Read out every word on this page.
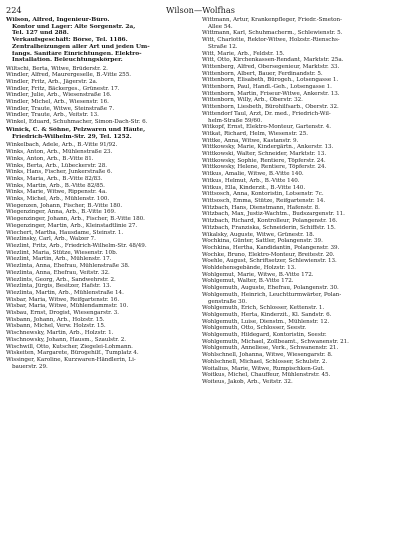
224	Wilson—Wolfhas
Wilson, Alfred, Ingenieur-Büro.
Kontor und Lager: Alte Sorgenstr. 2a,
Tel. 127 und 288.
Verkaufsgeschäft: Börse, Tel. 1186.
Zentralheizungen aller Art und jeden Um-
fangs. Sanitäre Einrichtungen. Elektro-
Installation. Beleuchtungskörper.
Wiltschi, Berta, Witwe, Brüderstr. 2.
Windler, Alfred, Maurergeselle, B.-Vitte 255.
Windler, Fritz, Arb., Jägerstr. 2a.
Windler, Fritz, Bäckerges., Grünestr. 17.
Windler, Julie, Arb., Wiesenstraße 16.
Windler, Michel, Arb., Wiesenstr. 16.
Windler, Traute, Witwe, Steinstraße 7.
Windler, Traute, Arb., Veitstr. 13.
Winkel, Eduard, Schuhmacher, Simon-Dach-Str. 6.
Winick, C. & Söhne, Pelzwaren und Häute,
Friedrich-Wilhelm-Str. 29, Tel. 1252.
Winkelbach, Adele, Arb., B.-Vitte 91/92.
Winks, Anton, Arb., Mühlenstraße 23.
Winks, Anton, Arb., B.-Vitte 81.
Winks, Berta, Arb., Lübeckerstr. 28.
Winks, Hans, Fischer, Junkerstraße 6.
Winks, Maria, Arb., B.-Vitte 82/83.
Winks, Martin, Arb., B.-Vitte 82/85.
Winks, Marie, Witwe, Rippenstr. 4a.
Winks, Michel, Arb., Mühlenstr. 100.
Wiegenzen, Johann, Fischer, B.-Vitte 180.
Wiegenzinger, Anna, Arb., B.-Vitte 169.
Wiegenzinger, Johann, Arb., Fischer, B.-Vitte 180.
Wiegenzinger, Martin, Arb., Kleinstadtlinie 27.
Wiechert, Martha, Hausdame, Steinstr. 1.
Wiezlinsky, Carl, Arb., Walzer 7.
Wiezlint, Fritz, Arb., Friedrich-Wilhelm-Str. 48/49.
Wiezlint, Maria, Stütze, Wiesenstr. 10b.
Wiezlint, Martin, Arb., Mühlenstr. 17.
Wiezlinta, Anna, Ehefrau, Mühlenstraße 38.
Wiezlinta, Anna, Ehefrau, Veitstr. 32.
Wiezlints, Georg, Arb., Sandwehrstr. 2.
Wiezlinta, Jürgis, Besitzer, Hafstr. 13.
Wiezlinta, Martin, Arb., Mühlenstraße 14.
Wisbar, Maria, Witwe, Reifgartenstr. 16.
Wisbar, Maria, Witwe, Mühlendammstr. 10.
Wisbau, Ernst, Drogist, Wiesengarstr. 3.
Wisbann, Johann, Arb., Holzstr. 15.
Wisbann, Michel, Verw. Holzstr. 15.
Wischnewsky, Martin, Arb., Holzstr. 1.
Wischnowsky, Johann, Hausm., Szaulstr. 2.
Wischwill, Otto, Kutscher, Ziegelei-Lohmann.
Wiskeiten, Margarete, Bürogehilf., Tumplatz 4.
Wissinger, Karoline, Kurzwaren-Händlerin, Li-
bauerstr. 29.
Wittmann, Artur, Krankenpfleger, Friedr.-Smeton-
Allee 54.
Wittmann, Karl, Schuhmacherm., Schlewienstr. 5.
Witt, Charlotte, Rektor-Witwe, Holzstr.-Rienschs-
Straße 12.
Witt, Marie, Arb., Feldstr. 15.
Witt, Otto, Kirchenkassen-Rendant, Marktstr. 25a.
Wittenberg, Alfred, Obersegenieur, Marktstr. 33.
Wittenborn, Albert, Bauer, Ferdinandstr. 5.
Wittenborn, Elisabeth, Bürogeh., Lotsengasse 1.
Wittenborn, Paul, Handl.-Geh., Lotsengasse 1.
Wittenborn, Martin, Friseur-Witwe, Ankerstr. 13.
Wittenborn, Willy, Arb., Oberstr. 32.
Wittenborn, Liesbeth, Bürohilfsarb., Oberstr. 32.
Wittendorf Taul, Arzt, Dr. med., Friedrich-Wil-
helm-Straße 59/60.
Witkopf, Ernst, Elektro-Monteur, Gartenstr. 4.
Witkat, Richard, Helm, Wiesenstr. 25.
Wittke, Anna, Witwe, Kastanstr. 9.
Wittkowsky, Marie, Kindergärtn., Ankerstr. 13.
Wittkowski, Walter, Schneider, Marktstr. 13.
Wittkowsky, Sophie, Rentiere, Töpferstr. 24.
Wittkowsky, Helene, Rentiere, Töpferstr. 24.
Witkus, Amalie, Witwe, B.-Vitte 140.
Witkus, Helmut, Arb., B.-Vitte 140.
Witkus, Ella, Kinderzit., B.-Vitte 140.
Wittsosch, Anna, Kontoristin, Lotsenstr. 7c.
Wittsosch, Emma, Stütze, Reifgartenstr. 14.
Witzbach, Hans, Dienstmann, Hafenstr. 8.
Witzbach, Max, Justiz-Wachtm., Budszargenstr. 11.
Witzbach, Richard, Kontrolleur, Polangenstr. 16.
Witzbach, Franziska, Schneiderin, Schiffstr. 15.
Wikalsky, Auguste, Witwe, Grünestr. 18.
Wochkina, Günter, Sattler, Polangenstr. 39.
Wochkina, Hertha, Kandidantin, Polangenstr. 39.
Wochke, Bruno, Elektro-Monteur, Breitestr. 20.
Woehle, August, Schriftsetzer, Schlewienstr. 13.
Wohldehensgebände, Holzstr. 13.
Wohlgemut, Marie, Witwe, B.-Vitte 172.
Wohlgemut, Walter, B.-Vitte 172.
Wohlgemuth, Auguste, Ehefrau, Polangenstr. 30.
Wohlgemuth, Heinrich, Leuchtturmwärter, Polan-
genstraße 30.
Wohlgemuth, Erich, Schlosser, Kettenstr. 1.
Wohlgemuth, Herta, Kinderzit., Kl. Sandstr. 6.
Wohlgemuth, Luise, Dienstm., Mühlenstr. 12.
Wohlgemuth, Otto, Schlosser, Seestr.
Wohlgemuth, Hildegard, Kontoristin, Seestr.
Wohlgemuth, Michael, Zollbeamt., Schwanenstr. 21.
Wohlgemuth, Anneliese, Verk., Schwanenstr. 21.
Wohlschnell, Johanna, Witwe, Wiesengarstr. 8.
Wohlschnell, Michael, Schlosser, Schulstr. 2.
Woitalius, Marie, Witwe, Rumpischken-Gut.
Woitkus, Michel, Chauffeur, Mühlenstrstr. 45.
Woiteus, Jakob, Arb., Veitstr. 32.
